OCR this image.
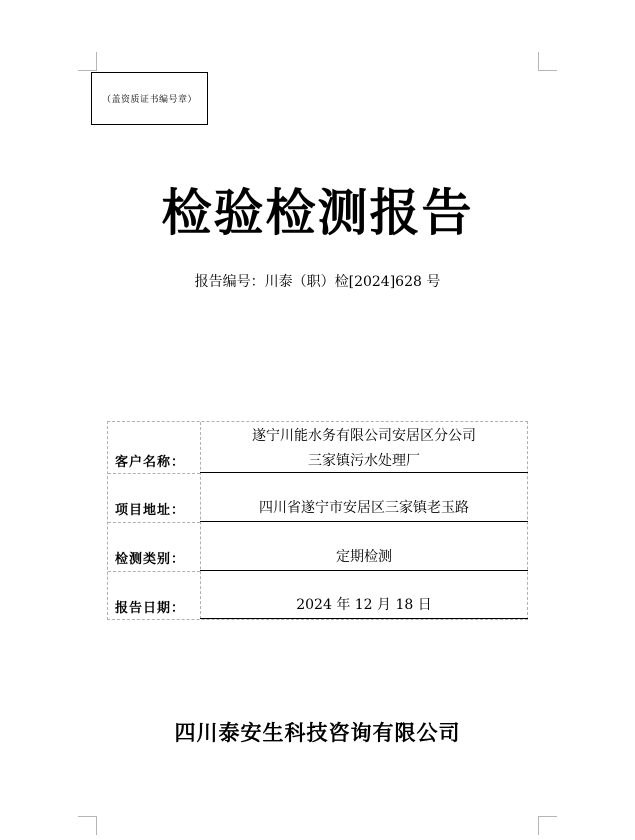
（盖资质证书编号章）
检验检测报告
报告编号：川泰（职）检[2024]628 号
客户名称：
遂宁川能水务有限公司安居区分公司
三家镇污水处理厂
项目地址：	四川省遂宁市安居区三家镇老玉路
检测类别：	定期检测
报告日期：	2024 年 12 月 18 日
四川泰安生科技咨询有限公司
